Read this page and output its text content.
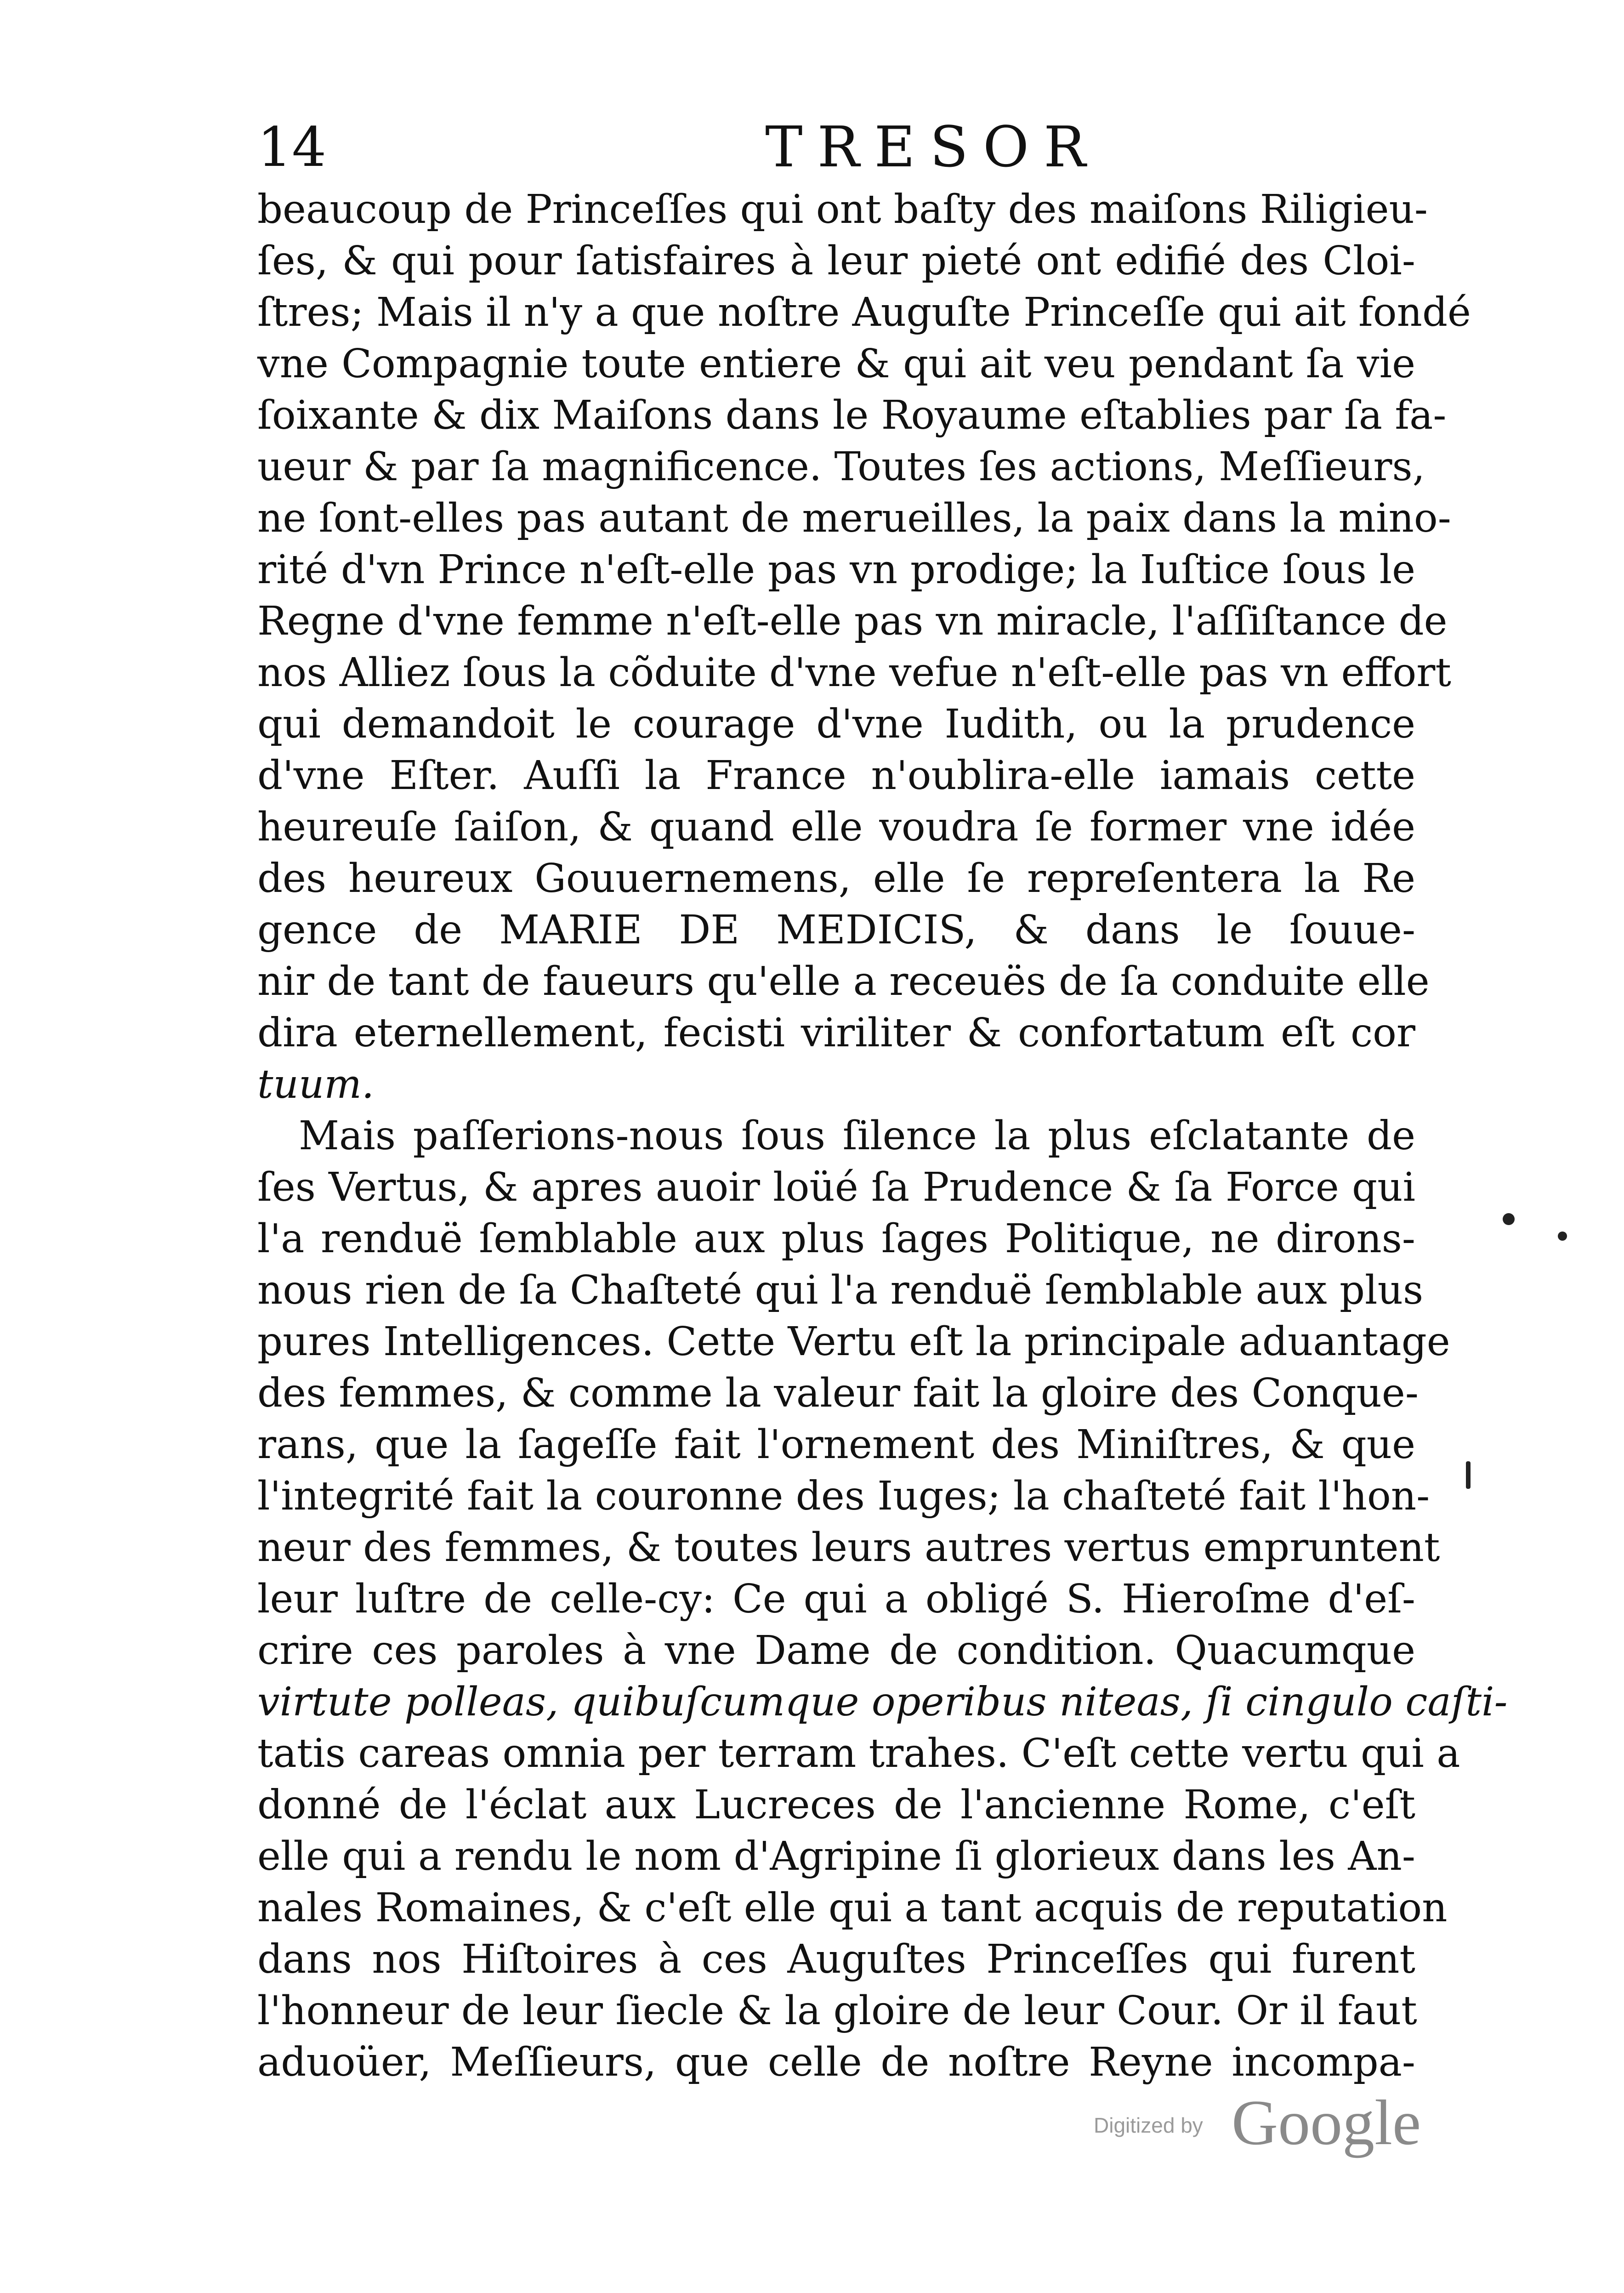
14	TRESOR
beaucoup de Princeſſes qui ont baſty des maiſons Riligieu-
ſes, & qui pour ſatisfaires à leur pieté ont edifié des Cloi-
ſtres; Mais il n'y a que noſtre Auguſte Princeſſe qui ait fondé
vne Compagnie toute entiere & qui ait veu pendant ſa vie
ſoixante & dix Maiſons dans le Royaume eſtablies par ſa fa-
ueur & par ſa magnificence. Toutes ſes actions, Meſſieurs,
ne ſont-elles pas autant de merueilles, la paix dans la mino-
rité d'vn Prince n'eſt-elle pas vn prodige; la Iuſtice ſous le
Regne d'vne femme n'eſt-elle pas vn miracle, l'aſſiſtance de
nos Alliez ſous la cõduite d'vne vefue n'eſt-elle pas vn effort
qui demandoit le courage d'vne Iudith, ou la prudence
d'vne Eſter. Auſſi la France n'oublira-elle iamais cette
heureuſe ſaiſon, & quand elle voudra ſe former vne idée
des heureux Gouuernemens, elle ſe repreſentera la Re
gence de MARIE DE MEDICIS, & dans le ſouue-
nir de tant de faueurs qu'elle a receuës de ſa conduite elle
dira eternellement, fecisti viriliter & confortatum eſt cor
tuum.
Mais paſſerions-nous ſous ſilence la plus eſclatante de
ſes Vertus, & apres auoir loüé ſa Prudence & ſa Force qui
l'a renduë ſemblable aux plus ſages Politique, ne dirons-
nous rien de ſa Chaſteté qui l'a renduë ſemblable aux plus
pures Intelligences. Cette Vertu eſt la principale aduantage
des femmes, & comme la valeur fait la gloire des Conque-
rans, que la ſageſſe fait l'ornement des Miniſtres, & que
l'integrité fait la couronne des Iuges; la chaſteté fait l'hon-
neur des femmes, & toutes leurs autres vertus empruntent
leur luſtre de celle-cy: Ce qui a obligé S. Hieroſme d'eſ-
crire ces paroles à vne Dame de condition. Quacumque
virtute polleas, quibuſcumque operibus niteas, ſi cingulo caſti-
tatis careas omnia per terram trahes. C'eſt cette vertu qui a
donné de l'éclat aux Lucreces de l'ancienne Rome, c'eſt
elle qui a rendu le nom d'Agripine ſi glorieux dans les An-
nales Romaines, & c'eſt elle qui a tant acquis de reputation
dans nos Hiſtoires à ces Auguſtes Princeſſes qui furent
l'honneur de leur ſiecle & la gloire de leur Cour. Or il faut
aduoüer, Meſſieurs, que celle de noſtre Reyne incompa-
Digitized by Google
